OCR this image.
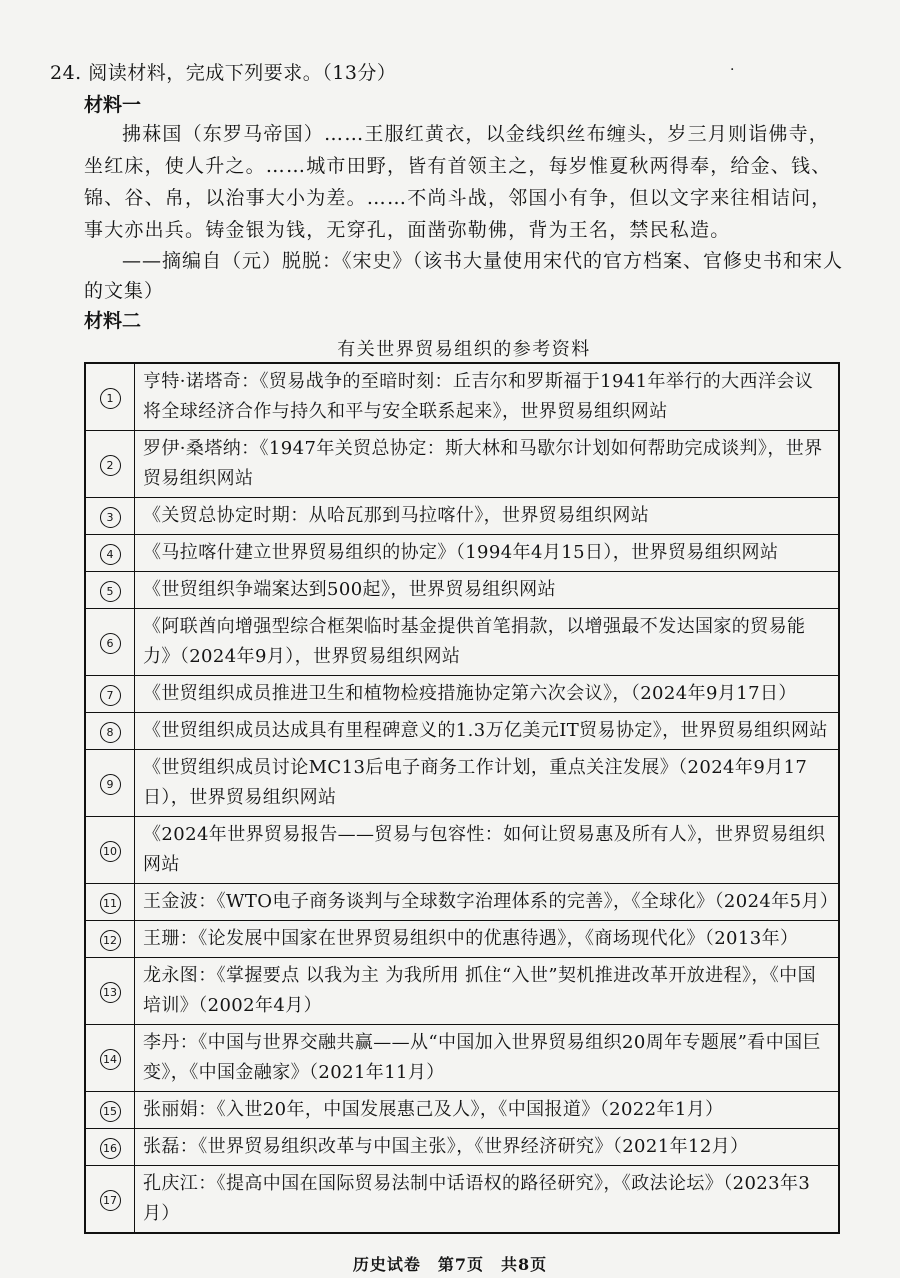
24. 阅读材料，完成下列要求。（13分）	·
材料一
拂菻国（东罗马帝国）……王服红黄衣，以金线织丝布缠头，岁三月则诣佛寺，坐红床，使人升之。……城市田野，皆有首领主之，每岁惟夏秋两得奉，给金、钱、锦、谷、帛，以治事大小为差。……不尚斗战，邻国小有争，但以文字来往相诘问，事大亦出兵。铸金银为钱，无穿孔，面凿弥勒佛，背为王名，禁民私造。
——摘编自（元）脱脱：《宋史》（该书大量使用宋代的官方档案、官修史书和宋人的文集）
材料二
有关世界贸易组织的参考资料
1	亨特·诺塔奇：《贸易战争的至暗时刻：丘吉尔和罗斯福于1941年举行的大西洋会议将全球经济合作与持久和平与安全联系起来》，世界贸易组织网站
2	罗伊·桑塔纳：《1947年关贸总协定：斯大林和马歇尔计划如何帮助完成谈判》，世界贸易组织网站
3	《关贸总协定时期：从哈瓦那到马拉喀什》，世界贸易组织网站
4	《马拉喀什建立世界贸易组织的协定》（1994年4月15日），世界贸易组织网站
5	《世贸组织争端案达到500起》，世界贸易组织网站
6	《阿联酋向增强型综合框架临时基金提供首笔捐款，以增强最不发达国家的贸易能力》（2024年9月），世界贸易组织网站
7	《世贸组织成员推进卫生和植物检疫措施协定第六次会议》，（2024年9月17日）
8	《世贸组织成员达成具有里程碑意义的1.3万亿美元IT贸易协定》，世界贸易组织网站
9	《世贸组织成员讨论MC13后电子商务工作计划，重点关注发展》（2024年9月17日），世界贸易组织网站
10	《2024年世界贸易报告——贸易与包容性：如何让贸易惠及所有人》，世界贸易组织网站
11	王金波：《WTO电子商务谈判与全球数字治理体系的完善》，《全球化》（2024年5月）
12	王珊：《论发展中国家在世界贸易组织中的优惠待遇》，《商场现代化》（2013年）
13	龙永图：《掌握要点 以我为主 为我所用 抓住“入世”契机推进改革开放进程》，《中国培训》（2002年4月）
14	李丹：《中国与世界交融共赢——从“中国加入世界贸易组织20周年专题展”看中国巨变》，《中国金融家》（2021年11月）
15	张丽娟：《入世20年，中国发展惠己及人》，《中国报道》（2022年1月）
16	张磊：《世界贸易组织改革与中国主张》，《世界经济研究》（2021年12月）
17	孔庆江：《提高中国在国际贸易法制中话语权的路径研究》，《政法论坛》（2023年3月）
历史试卷　第7页　共8页
